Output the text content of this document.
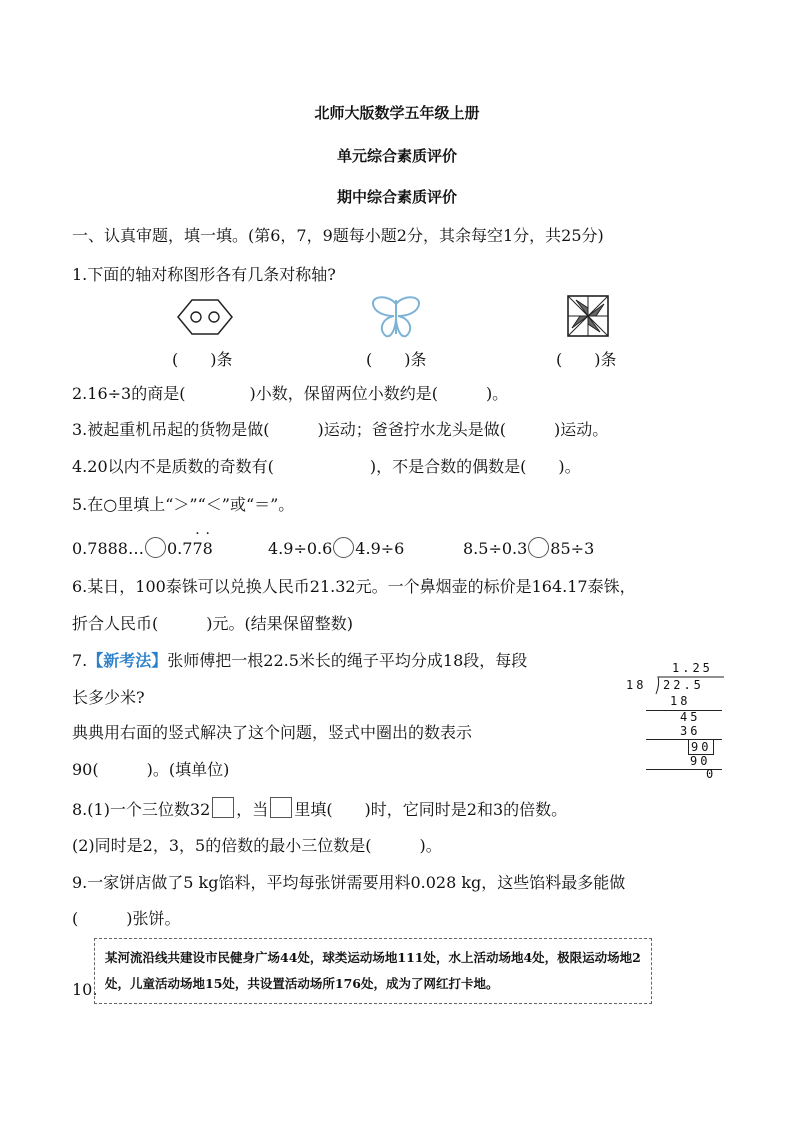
北师大版数学五年级上册
单元综合素质评价
期中综合素质评价
一、认真审题，填一填。(第6，7，9题每小题2分，其余每空1分，共25分)
1.下面的轴对称图形各有几条对称轴?
(　　)条	(　　)条	(　　)条
2.16÷3的商是(　　　　)小数，保留两位小数约是(　　　)。
3.被起重机吊起的货物是做(　　　)运动；爸爸拧水龙头是做(　　　)运动。
4.20以内不是质数的奇数有(　　　　　　)，不是合数的偶数是(　　)。
5.在○里填上“＞”“＜”或“＝”。
0.7888… 0.77 ·8 ·	4.9÷0.6 4.9÷6	8.5÷0.3 85÷3
6.某日，100泰铢可以兑换人民币21.32元。一个鼻烟壶的标价是164.17泰铢，
折合人民币(　　　)元。(结果保留整数)
7.【新考法】张师傅把一根22.5米长的绳子平均分成18段，每段
长多少米?
典典用右面的竖式解决了这个问题，竖式中圈出的数表示
90(　　　)。(填单位)
1.25
18 22.5
18
45
36
90
90
0
8.(1)一个三位数32 ，当 里填(　　)时，它同时是2和3的倍数。
(2)同时是2，3，5的倍数的最小三位数是(　　　)。
9.一家饼店做了5 kg馅料，平均每张饼需要用料0.028 kg，这些馅料最多能做
(　　　)张饼。
10.
某河流沿线共建设市民健身广场44处，球类运动场地111处，水上活动场地4处，极限运动场地2处，儿童活动场地15处，共设置活动场所176处，成为了网红打卡地。
